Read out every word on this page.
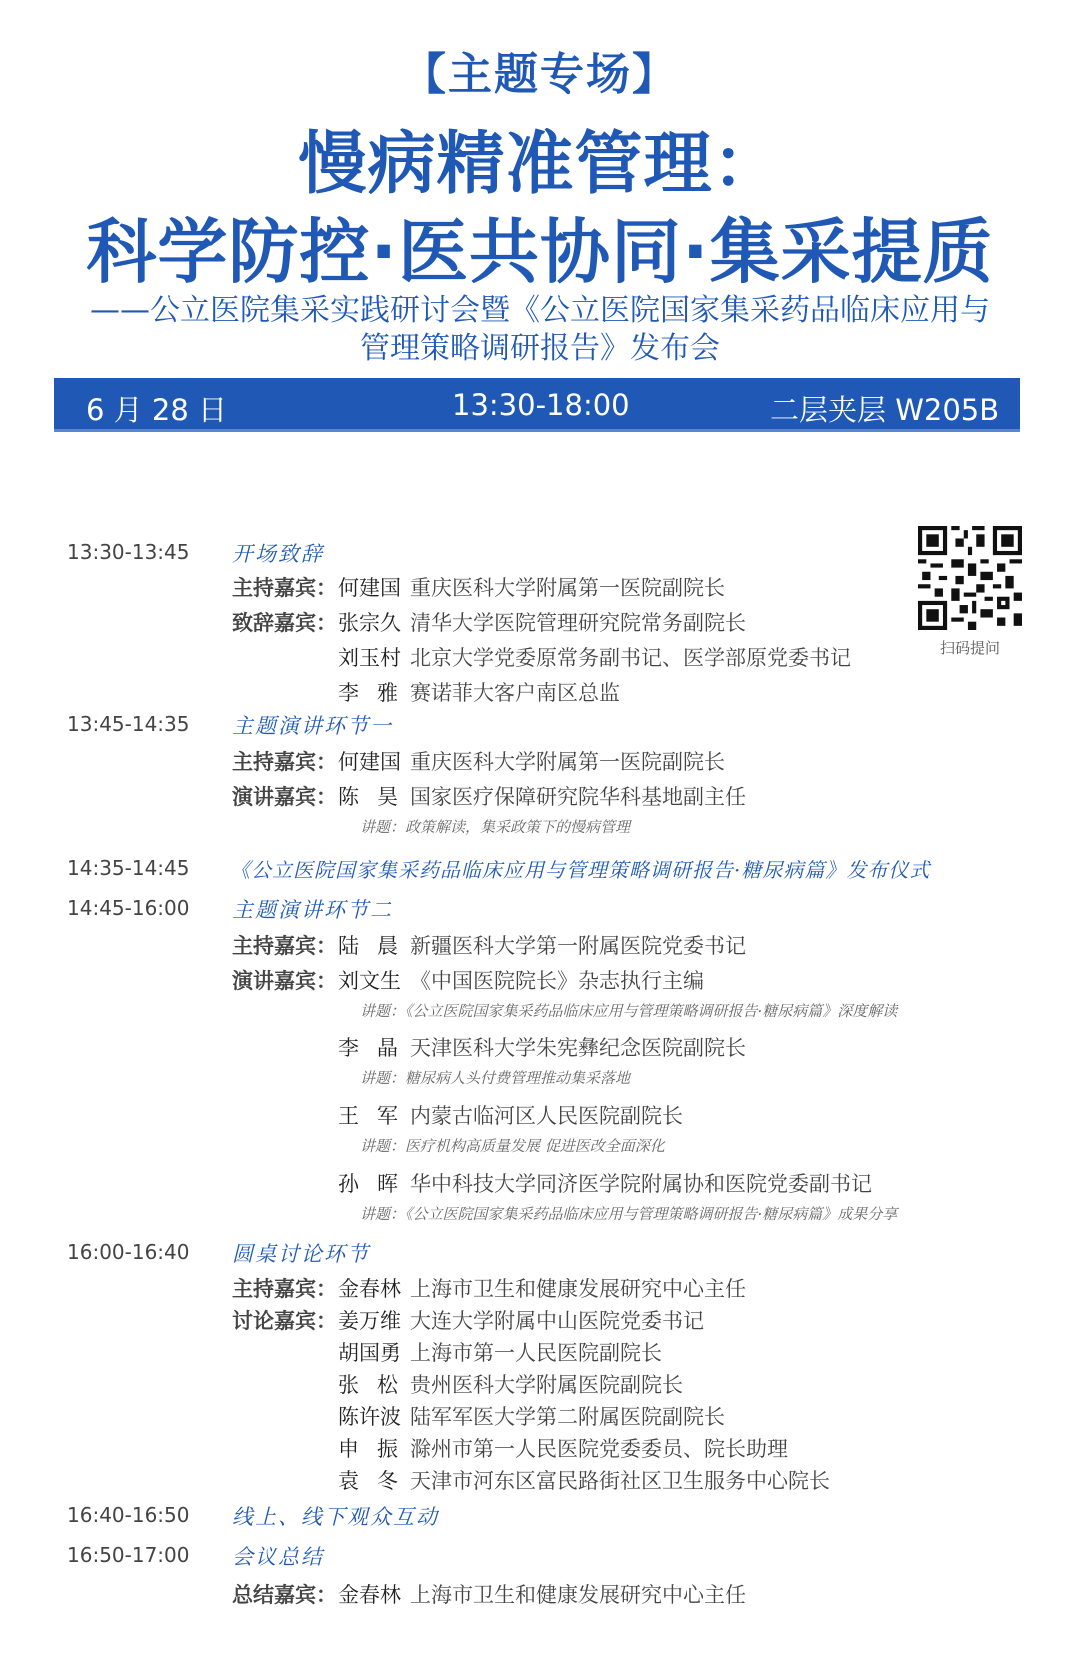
【主题专场】
慢病精准管理：
科学防控·医共协同·集采提质
——公立医院集采实践研讨会暨《公立医院国家集采药品临床应用与
管理策略调研报告》发布会
6 月 28 日	13:30-18:00	二层夹层 W205B
扫码提问
13:30-13:45 开场致辞
主持嘉宾： 何建国 重庆医科大学附属第一医院副院长
致辞嘉宾： 张宗久 清华大学医院管理研究院常务副院长
刘玉村 北京大学党委原常务副书记、医学部原党委书记
李 雅 赛诺菲大客户南区总监
13:45-14:35 主题演讲环节一
主持嘉宾： 何建国 重庆医科大学附属第一医院副院长
演讲嘉宾： 陈 昊 国家医疗保障研究院华科基地副主任
讲题：政策解读，集采政策下的慢病管理
14:35-14:45 《公立医院国家集采药品临床应用与管理策略调研报告·糖尿病篇》发布仪式
14:45-16:00 主题演讲环节二
主持嘉宾： 陆 晨 新疆医科大学第一附属医院党委书记
演讲嘉宾： 刘文生 《中国医院院长》杂志执行主编
讲题：《公立医院国家集采药品临床应用与管理策略调研报告·糖尿病篇》深度解读
李 晶 天津医科大学朱宪彝纪念医院副院长
讲题：糖尿病人头付费管理推动集采落地
王 军 内蒙古临河区人民医院副院长
讲题：医疗机构高质量发展 促进医改全面深化
孙 晖 华中科技大学同济医学院附属协和医院党委副书记
讲题：《公立医院国家集采药品临床应用与管理策略调研报告·糖尿病篇》成果分享
16:00-16:40 圆桌讨论环节
主持嘉宾： 金春林 上海市卫生和健康发展研究中心主任
讨论嘉宾： 姜万维 大连大学附属中山医院党委书记
胡国勇 上海市第一人民医院副院长
张 松 贵州医科大学附属医院副院长
陈许波 陆军军医大学第二附属医院副院长
申 振 滁州市第一人民医院党委委员、院长助理
袁 冬 天津市河东区富民路街社区卫生服务中心院长
16:40-16:50 线上、线下观众互动
16:50-17:00 会议总结
总结嘉宾： 金春林 上海市卫生和健康发展研究中心主任
